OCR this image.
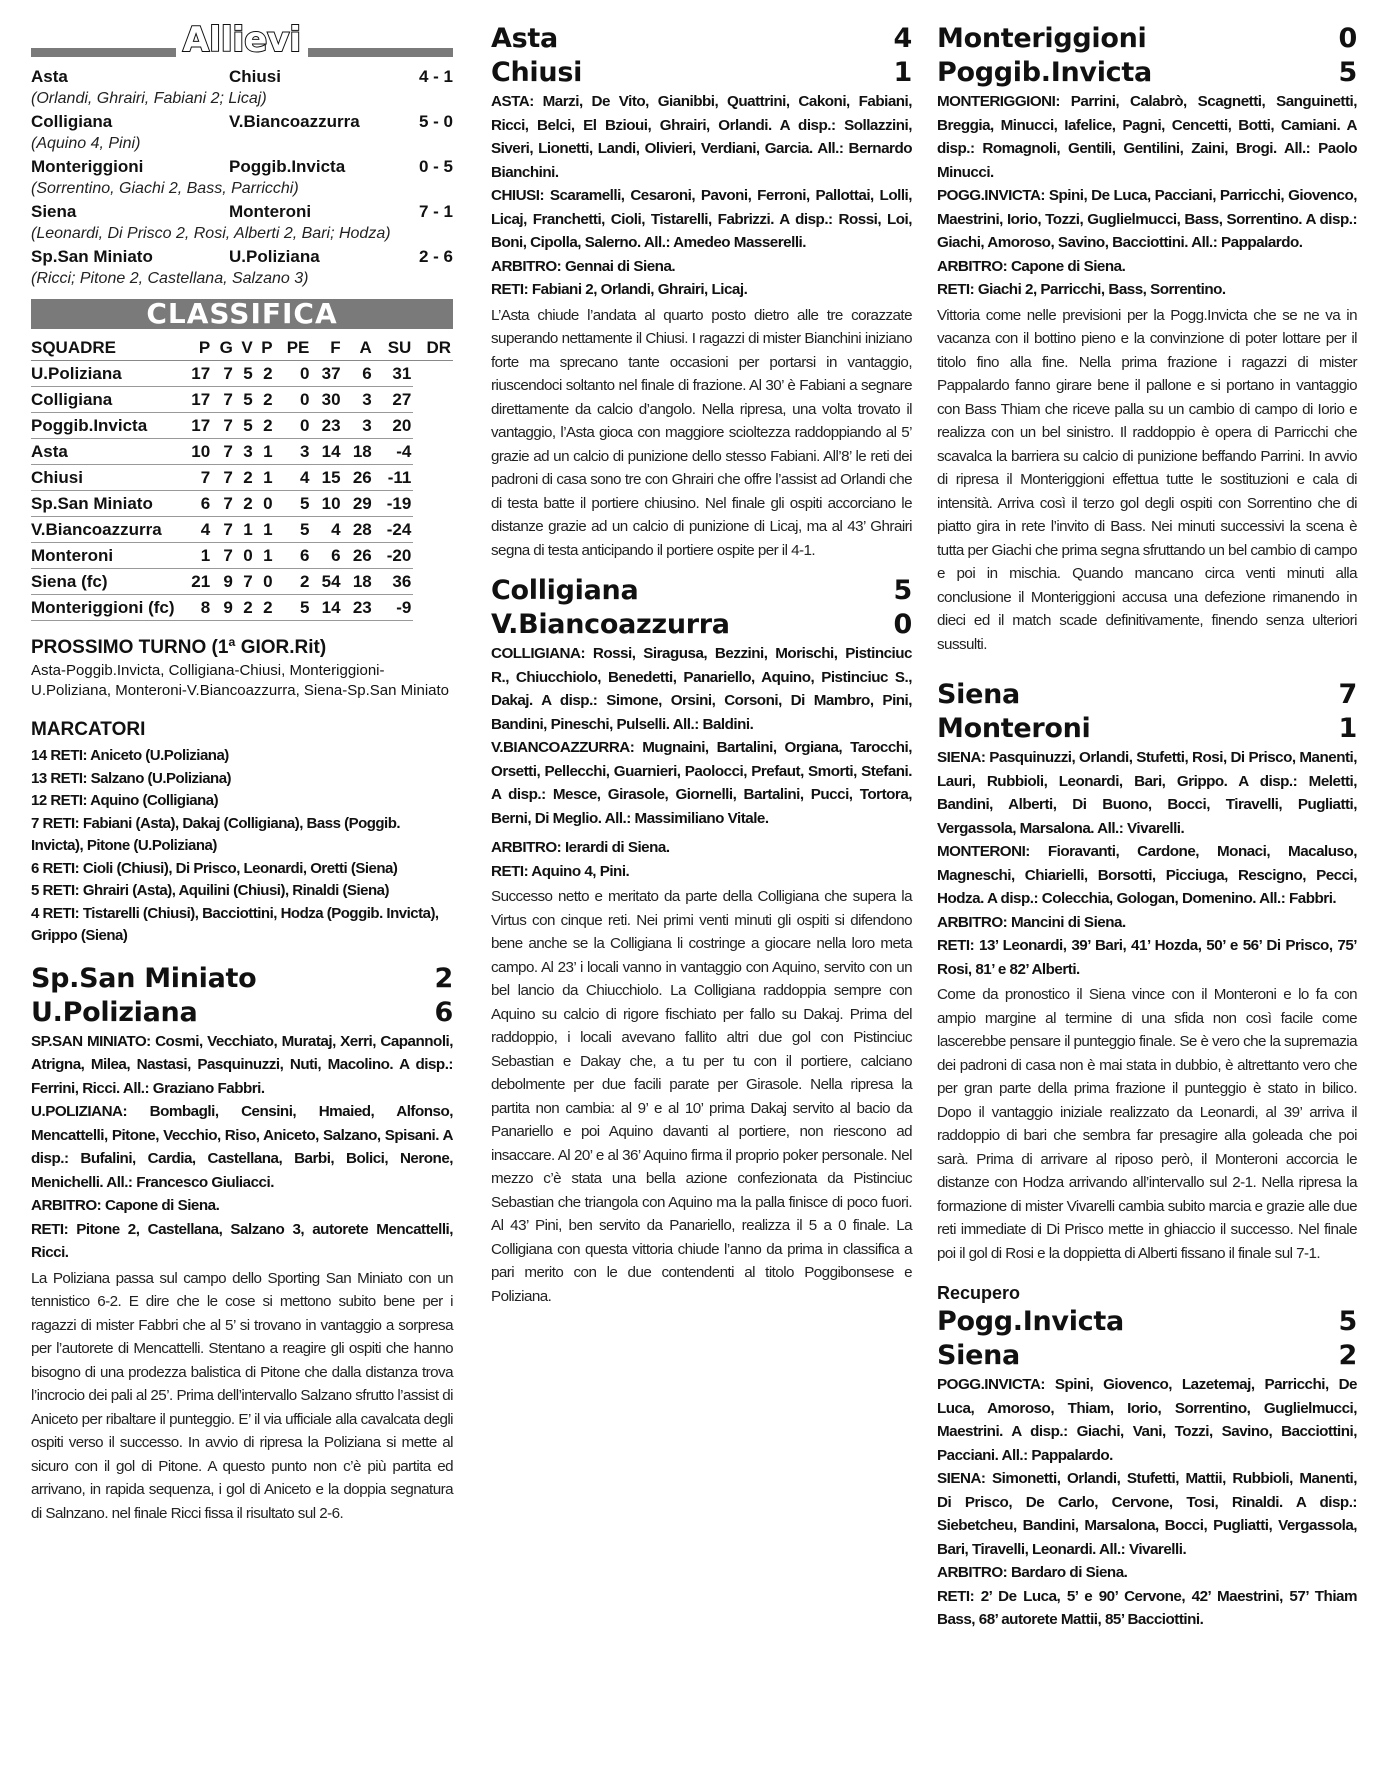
Allievi
Asta	Chiusi	4 - 1
(Orlandi, Ghrairi, Fabiani 2; Licaj)
Colligiana	V.Biancoazzurra	5 - 0
(Aquino 4, Pini)
Monteriggioni	Poggib.Invicta	0 - 5
(Sorrentino, Giachi 2, Bass, Parricchi)
Siena	Monteroni	7 - 1
(Leonardi, Di Prisco 2, Rosi, Alberti 2, Bari; Hodza)
Sp.San Miniato	U.Poliziana	2 - 6
(Ricci; Pitone 2, Castellana, Salzano 3)
CLASSIFICA
SQUADRE	P	G	V	P	PE	F	A	SU	DR
U.Poliziana	17	7	5	2	0	37	6	31	
Colligiana	17	7	5	2	0	30	3	27	
Poggib.Invicta	17	7	5	2	0	23	3	20	
Asta	10	7	3	1	3	14	18	-4	
Chiusi	7	7	2	1	4	15	26	-11	
Sp.San Miniato	6	7	2	0	5	10	29	-19	
V.Biancoazzurra	4	7	1	1	5	4	28	-24	
Monteroni	1	7	0	1	6	6	26	-20	
Siena (fc)	21	9	7	0	2	54	18	36	
Monteriggioni (fc)	8	9	2	2	5	14	23	-9	
PROSSIMO TURNO (1ª GIOR.Rit)
Asta-Poggib.Invicta, Colligiana-Chiusi, Monteriggioni-U.Poliziana, Monteroni-V.Biancoazzurra, Siena-Sp.San Miniato
MARCATORI
14 RETI: Aniceto (U.Poliziana)
13 RETI: Salzano (U.Poliziana)
12 RETI: Aquino (Colligiana)
7 RETI: Fabiani (Asta), Dakaj (Colligiana), Bass (Poggib. Invicta), Pitone (U.Poliziana)
6 RETI: Cioli (Chiusi), Di Prisco, Leonardi, Oretti (Siena)
5 RETI: Ghrairi (Asta), Aquilini (Chiusi), Rinaldi (Siena)
4 RETI: Tistarelli (Chiusi), Bacciottini, Hodza (Poggib. Invicta), Grippo (Siena)
Sp.San Miniato	2
U.Poliziana	6
SP.SAN MINIATO: Cosmi, Vecchiato, Murataj, Xerri, Capannoli, Atrigna, Milea, Nastasi, Pasquinuzzi, Nuti, Macolino. A disp.: Ferrini, Ricci. All.: Graziano Fabbri.
U.POLIZIANA: Bombagli, Censini, Hmaied, Alfonso, Mencattelli, Pitone, Vecchio, Riso, Aniceto, Salzano, Spisani. A disp.: Bufalini, Cardia, Castellana, Barbi, Bolici, Nerone, Menichelli. All.: Francesco Giuliacci.
ARBITRO: Capone di Siena.
RETI: Pitone 2, Castellana, Salzano 3, autorete Mencattelli, Ricci.
La Poliziana passa sul campo dello Sporting San Miniato con un tennistico 6-2. E dire che le cose si mettono subito bene per i ragazzi di mister Fabbri che al 5’ si trovano in vantaggio a sorpresa per l’autorete di Mencattelli. Stentano a reagire gli ospiti che hanno bisogno di una prodezza balistica di Pitone che dalla distanza trova l’incrocio dei pali al 25’. Prima dell’intervallo Salzano sfrutto l’assist di Aniceto per ribaltare il punteggio. E’ il via ufficiale alla cavalcata degli ospiti verso il successo. In avvio di ripresa la Poliziana si mette al sicuro con il gol di Pitone. A questo punto non c’è più partita ed arrivano, in rapida sequenza, i gol di Aniceto e la doppia segnatura di Salnzano. nel finale Ricci fissa il risultato sul 2-6.
Asta	4
Chiusi	1
ASTA: Marzi, De Vito, Gianibbi, Quattrini, Cakoni, Fabiani, Ricci, Belci, El Bzioui, Ghrairi, Orlandi. A disp.: Sollazzini, Siveri, Lionetti, Landi, Olivieri, Verdiani, Garcia. All.: Bernardo Bianchini.
CHIUSI: Scaramelli, Cesaroni, Pavoni, Ferroni, Pallottai, Lolli, Licaj, Franchetti, Cioli, Tistarelli, Fabrizzi. A disp.: Rossi, Loi, Boni, Cipolla, Salerno. All.: Amedeo Masserelli.
ARBITRO: Gennai di Siena.
RETI: Fabiani 2, Orlandi, Ghrairi, Licaj.
L’Asta chiude l’andata al quarto posto dietro alle tre corazzate superando nettamente il Chiusi. I ragazzi di mister Bianchini iniziano forte ma sprecano tante occasioni per portarsi in vantaggio, riuscendoci soltanto nel finale di frazione. Al 30’ è Fabiani a segnare direttamente da calcio d’angolo. Nella ripresa, una volta trovato il vantaggio, l’Asta gioca con maggiore scioltezza raddoppiando al 5’ grazie ad un calcio di punizione dello stesso Fabiani. All’8’ le reti dei padroni di casa sono tre con Ghrairi che offre l’assist ad Orlandi che di testa batte il portiere chiusino. Nel finale gli ospiti accorciano le distanze grazie ad un calcio di punizione di Licaj, ma al 43’ Ghrairi segna di testa anticipando il portiere ospite per il 4-1.
Colligiana	5
V.Biancoazzurra	0
COLLIGIANA: Rossi, Siragusa, Bezzini, Morischi, Pistinciuc R., Chiucchiolo, Benedetti, Panariello, Aquino, Pistinciuc S., Dakaj. A disp.: Simone, Orsini, Corsoni, Di Mambro, Pini, Bandini, Pineschi, Pulselli. All.: Baldini.
V.BIANCOAZZURRA: Mugnaini, Bartalini, Orgiana, Tarocchi, Orsetti, Pellecchi, Guarnieri, Paolocci, Prefaut, Smorti, Stefani. A disp.: Mesce, Girasole, Giornelli, Bartalini, Pucci, Tortora, Berni, Di Meglio. All.: Massimiliano Vitale.
ARBITRO: Ierardi di Siena.
RETI: Aquino 4, Pini.
Successo netto e meritato da parte della Colligiana che supera la Virtus con cinque reti. Nei primi venti minuti gli ospiti si difendono bene anche se la Colligiana li costringe a giocare nella loro meta campo. Al 23’ i locali vanno in vantaggio con Aquino, servito con un bel lancio da Chiucchiolo. La Colligiana raddoppia sempre con Aquino su calcio di rigore fischiato per fallo su Dakaj. Prima del raddoppio, i locali avevano fallito altri due gol con Pistinciuc Sebastian e Dakay che, a tu per tu con il portiere, calciano debolmente per due facili parate per Girasole. Nella ripresa la partita non cambia: al 9’ e al 10’ prima Dakaj servito al bacio da Panariello e poi Aquino davanti al portiere, non riescono ad insaccare. Al 20’ e al 36’ Aquino firma il proprio poker personale. Nel mezzo c’è stata una bella azione confezionata da Pistinciuc Sebastian che triangola con Aquino ma la palla finisce di poco fuori. Al 43’ Pini, ben servito da Panariello, realizza il 5 a 0 finale. La Colligiana con questa vittoria chiude l’anno da prima in classifica a pari merito con le due contendenti al titolo Poggibonsese e Poliziana.
Monteriggioni	0
Poggib.Invicta	5
MONTERIGGIONI: Parrini, Calabrò, Scagnetti, Sanguinetti, Breggia, Minucci, Iafelice, Pagni, Cencetti, Botti, Camiani. A disp.: Romagnoli, Gentili, Gentilini, Zaini, Brogi. All.: Paolo Minucci.
POGG.INVICTA: Spini, De Luca, Pacciani, Parricchi, Giovenco, Maestrini, Iorio, Tozzi, Guglielmucci, Bass, Sorrentino. A disp.: Giachi, Amoroso, Savino, Bacciottini. All.: Pappalardo.
ARBITRO: Capone di Siena.
RETI: Giachi 2, Parricchi, Bass, Sorrentino.
Vittoria come nelle previsioni per la Pogg.Invicta che se ne va in vacanza con il bottino pieno e la convinzione di poter lottare per il titolo fino alla fine. Nella prima frazione i ragazzi di mister Pappalardo fanno girare bene il pallone e si portano in vantaggio con Bass Thiam che riceve palla su un cambio di campo di Iorio e realizza con un bel sinistro. Il raddoppio è opera di Parricchi che scavalca la barriera su calcio di punizione beffando Parrini. In avvio di ripresa il Monteriggioni effettua tutte le sostituzioni e cala di intensità. Arriva così il terzo gol degli ospiti con Sorrentino che di piatto gira in rete l’invito di Bass. Nei minuti successivi la scena è tutta per Giachi che prima segna sfruttando un bel cambio di campo e poi in mischia. Quando mancano circa venti minuti alla conclusione il Monteriggioni accusa una defezione rimanendo in dieci ed il match scade definitivamente, finendo senza ulteriori sussulti.
Siena	7
Monteroni	1
SIENA: Pasquinuzzi, Orlandi, Stufetti, Rosi, Di Prisco, Manenti, Lauri, Rubbioli, Leonardi, Bari, Grippo. A disp.: Meletti, Bandini, Alberti, Di Buono, Bocci, Tiravelli, Pugliatti, Vergassola, Marsalona. All.: Vivarelli.
MONTERONI: Fioravanti, Cardone, Monaci, Macaluso, Magneschi, Chiarielli, Borsotti, Picciuga, Rescigno, Pecci, Hodza. A disp.: Colecchia, Gologan, Domenino. All.: Fabbri.
ARBITRO: Mancini di Siena.
RETI: 13’ Leonardi, 39’ Bari, 41’ Hozda, 50’ e 56’ Di Prisco, 75’ Rosi, 81’ e 82’ Alberti.
Come da pronostico il Siena vince con il Monteroni e lo fa con ampio margine al termine di una sfida non così facile come lascerebbe pensare il punteggio finale. Se è vero che la supremazia dei padroni di casa non è mai stata in dubbio, è altrettanto vero che per gran parte della prima frazione il punteggio è stato in bilico. Dopo il vantaggio iniziale realizzato da Leonardi, al 39’ arriva il raddoppio di bari che sembra far presagire alla goleada che poi sarà. Prima di arrivare al riposo però, il Monteroni accorcia le distanze con Hodza arrivando all’intervallo sul 2-1. Nella ripresa la formazione di mister Vivarelli cambia subito marcia e grazie alle due reti immediate di Di Prisco mette in ghiaccio il successo. Nel finale poi il gol di Rosi e la doppietta di Alberti fissano il finale sul 7-1.
Recupero
Pogg.Invicta	5
Siena	2
POGG.INVICTA: Spini, Giovenco, Lazetemaj, Parricchi, De Luca, Amoroso, Thiam, Iorio, Sorrentino, Guglielmucci, Maestrini. A disp.: Giachi, Vani, Tozzi, Savino, Bacciottini, Pacciani. All.: Pappalardo.
SIENA: Simonetti, Orlandi, Stufetti, Mattii, Rubbioli, Manenti, Di Prisco, De Carlo, Cervone, Tosi, Rinaldi. A disp.: Siebetcheu, Bandini, Marsalona, Bocci, Pugliatti, Vergassola, Bari, Tiravelli, Leonardi. All.: Vivarelli.
ARBITRO: Bardaro di Siena.
RETI: 2’ De Luca, 5’ e 90’ Cervone, 42’ Maestrini, 57’ Thiam Bass, 68’ autorete Mattii, 85’ Bacciottini.
